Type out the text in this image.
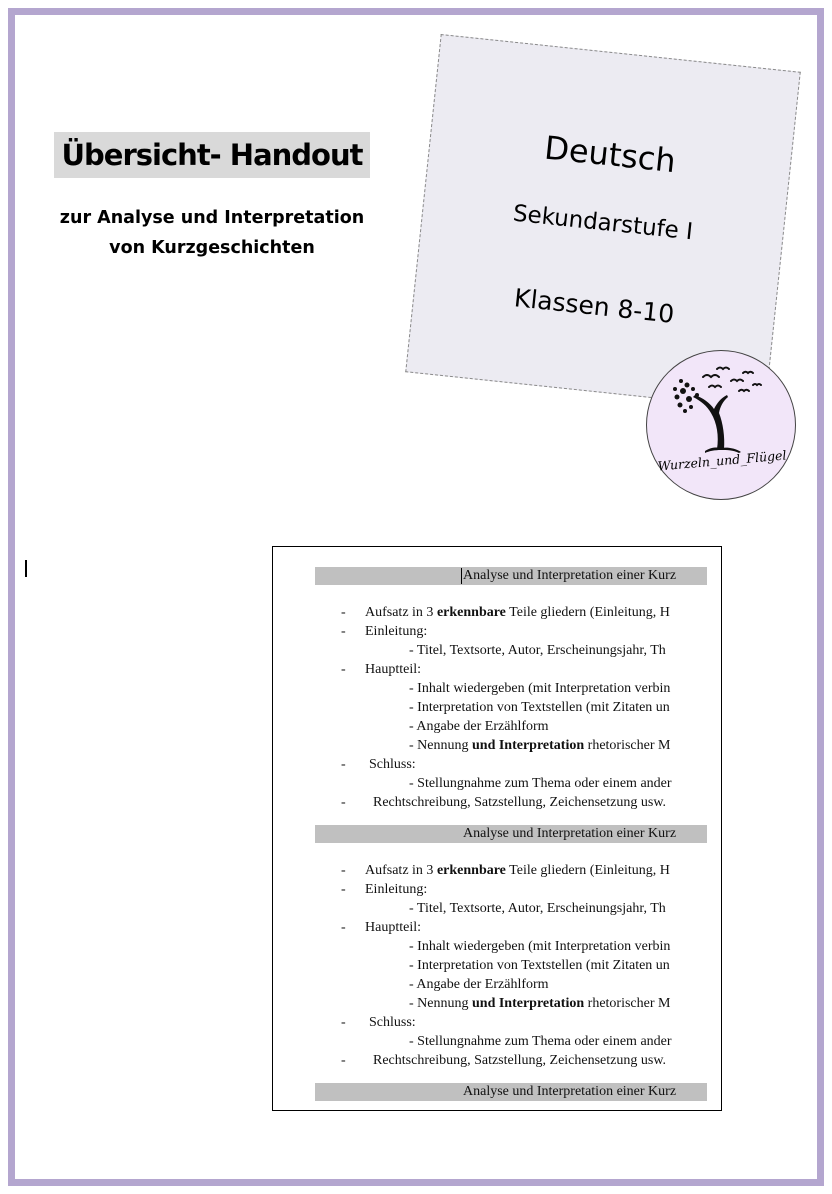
Übersicht- Handout
zur Analyse und Interpretation
von Kurzgeschichten
Deutsch
Sekundarstufe I
Klassen 8-10
Wurzeln_und_Flügel
Analyse und Interpretation einer Kurz
- Aufsatz in 3 erkennbare Teile gliedern (Einleitung, H
- Einleitung:
- Titel, Textsorte, Autor, Erscheinungsjahr, Th
- Hauptteil:
- Inhalt wiedergeben (mit Interpretation verbin
- Interpretation von Textstellen (mit Zitaten un
- Angabe der Erzählform
- Nennung und Interpretation rhetorischer M
- Schluss:
- Stellungnahme zum Thema oder einem ander
- Rechtschreibung, Satzstellung, Zeichensetzung usw.
Analyse und Interpretation einer Kurz
- Aufsatz in 3 erkennbare Teile gliedern (Einleitung, H
- Einleitung:
- Titel, Textsorte, Autor, Erscheinungsjahr, Th
- Hauptteil:
- Inhalt wiedergeben (mit Interpretation verbin
- Interpretation von Textstellen (mit Zitaten un
- Angabe der Erzählform
- Nennung und Interpretation rhetorischer M
- Schluss:
- Stellungnahme zum Thema oder einem ander
- Rechtschreibung, Satzstellung, Zeichensetzung usw.
Analyse und Interpretation einer Kurz
